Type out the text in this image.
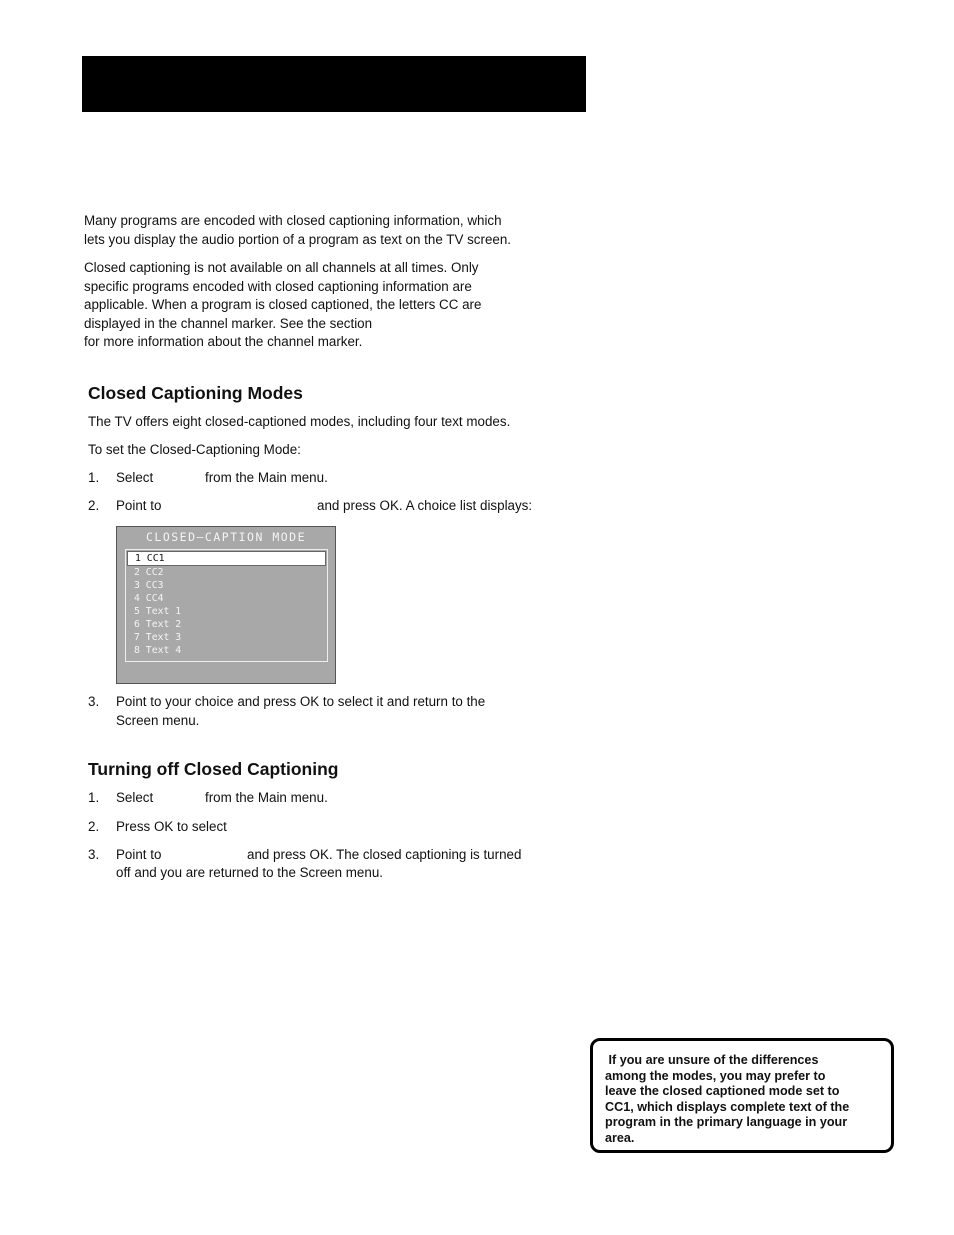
Many programs are encoded with closed captioning information, which
lets you display the audio portion of a program as text on the TV screen.

Closed captioning is not available on all channels at all times. Only
specific programs encoded with closed captioning information are
applicable. When a program is closed captioned, the letters CC are
displayed in the channel marker. See the section
for more information about the channel marker.

Closed Captioning Modes

The TV offers eight closed-captioned modes, including four text modes.

To set the Closed-Captioning Mode:

1. Select	from the Main menu.
2. Point to	and press OK. A choice list displays:
CLOSED–CAPTION MODE
1 CC1
2 CC2
3 CC3
4 CC4
5 Text 1
6 Text 2
7 Text 3
8 Text 4
3. Point to your choice and press OK to select it and return to the
Screen menu.
Turning off Closed Captioning
1. Select	from the Main menu.
2. Press OK to select
3. Point to	and press OK. The closed captioning is turned
off and you are returned to the Screen menu.
If you are unsure of the differences
among the modes, you may prefer to
leave the closed captioned mode set to
CC1, which displays complete text of the
program in the primary language in your
area.
